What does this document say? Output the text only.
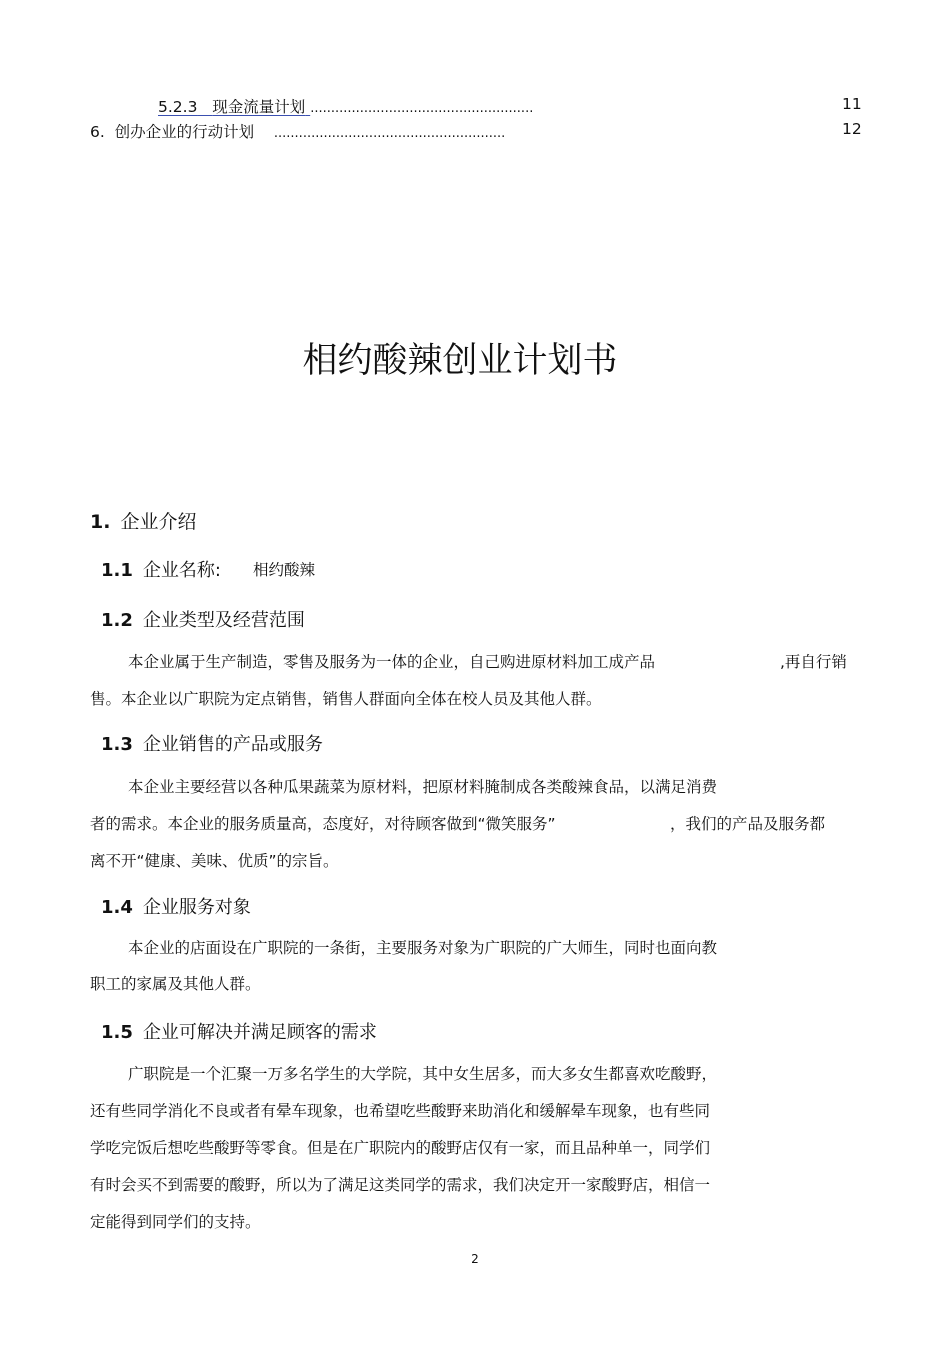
5.2.3 现金流量计划 ......................................................	11
6. 创办企业的行动计划 ........................................................	12
相约酸辣创业计划书
1. 企业介绍
1.1 企业名称: 相约酸辣
1.2 企业类型及经营范围
本企业属于生产制造，零售及服务为一体的企业，自己购进原材料加工成产品	,再自行销
售。本企业以广职院为定点销售，销售人群面向全体在校人员及其他人群。
1.3 企业销售的产品或服务
本企业主要经营以各种瓜果蔬菜为原材料，把原材料腌制成各类酸辣食品，以满足消费
者的需求。本企业的服务质量高，态度好，对待顾客做到“微笑服务”	，我们的产品及服务都
离不开“健康、美味、优质”的宗旨。
1.4 企业服务对象
本企业的店面设在广职院的一条街，主要服务对象为广职院的广大师生，同时也面向教
职工的家属及其他人群。
1.5 企业可解决并满足顾客的需求
广职院是一个汇聚一万多名学生的大学院，其中女生居多，而大多女生都喜欢吃酸野，
还有些同学消化不良或者有晕车现象，也希望吃些酸野来助消化和缓解晕车现象，也有些同
学吃完饭后想吃些酸野等零食。但是在广职院内的酸野店仅有一家，而且品种单一，同学们
有时会买不到需要的酸野，所以为了满足这类同学的需求，我们决定开一家酸野店，相信一
定能得到同学们的支持。
2
